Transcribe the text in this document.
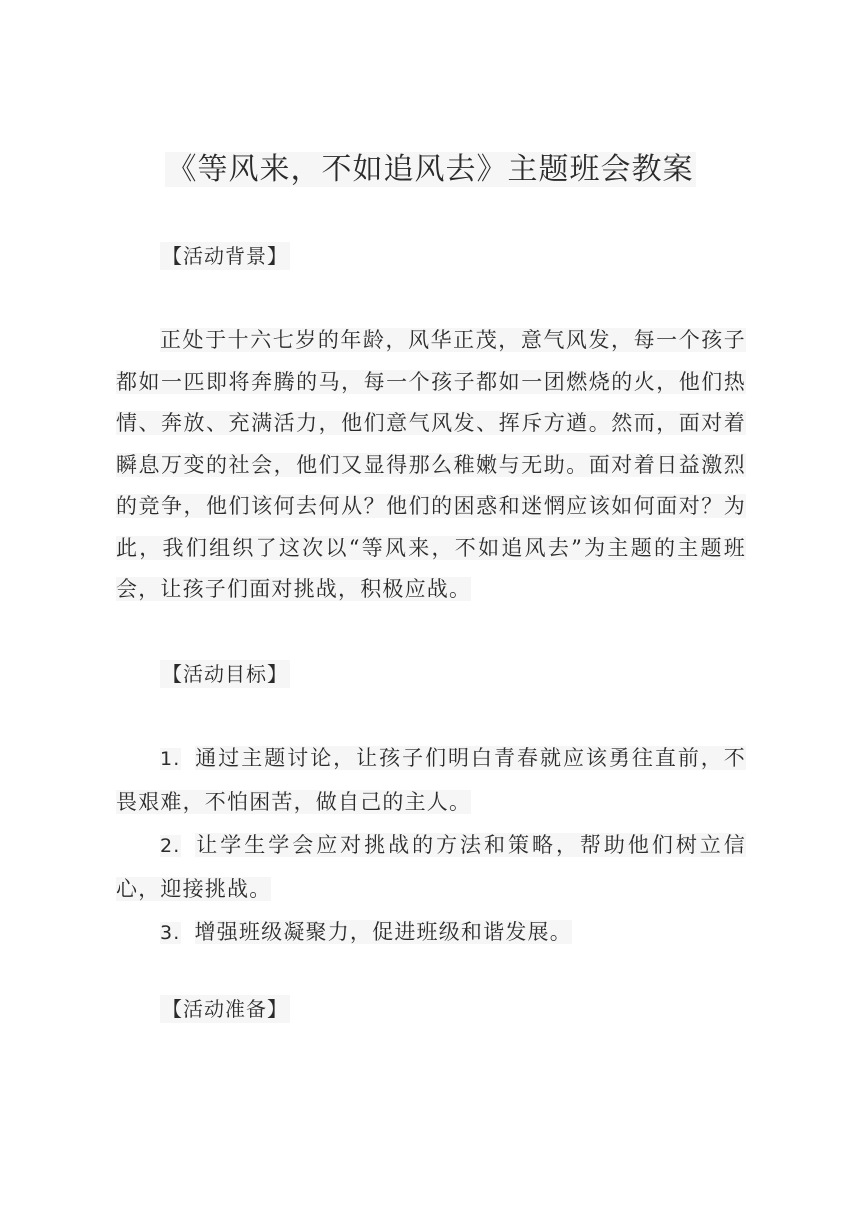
《等风来，不如追风去》主题班会教案
【活动背景】

正处于十六七岁的年龄，风华正茂，意气风发，每一个孩子都如一匹即将奔腾的马，每一个孩子都如一团燃烧的火，他们热情、奔放、充满活力，他们意气风发、挥斥方遒。然而，面对着瞬息万变的社会，他们又显得那么稚嫩与无助。面对着日益激烈的竞争，他们该何去何从？他们的困惑和迷惘应该如何面对？为此，我们组织了这次以“等风来，不如追风去”为主题的主题班会，让孩子们面对挑战，积极应战。

【活动目标】
1. 通过主题讨论，让孩子们明白青春就应该勇往直前，不畏艰难，不怕困苦，做自己的主人。
2. 让学生学会应对挑战的方法和策略，帮助他们树立信心，迎接挑战。
3. 增强班级凝聚力，促进班级和谐发展。
【活动准备】
